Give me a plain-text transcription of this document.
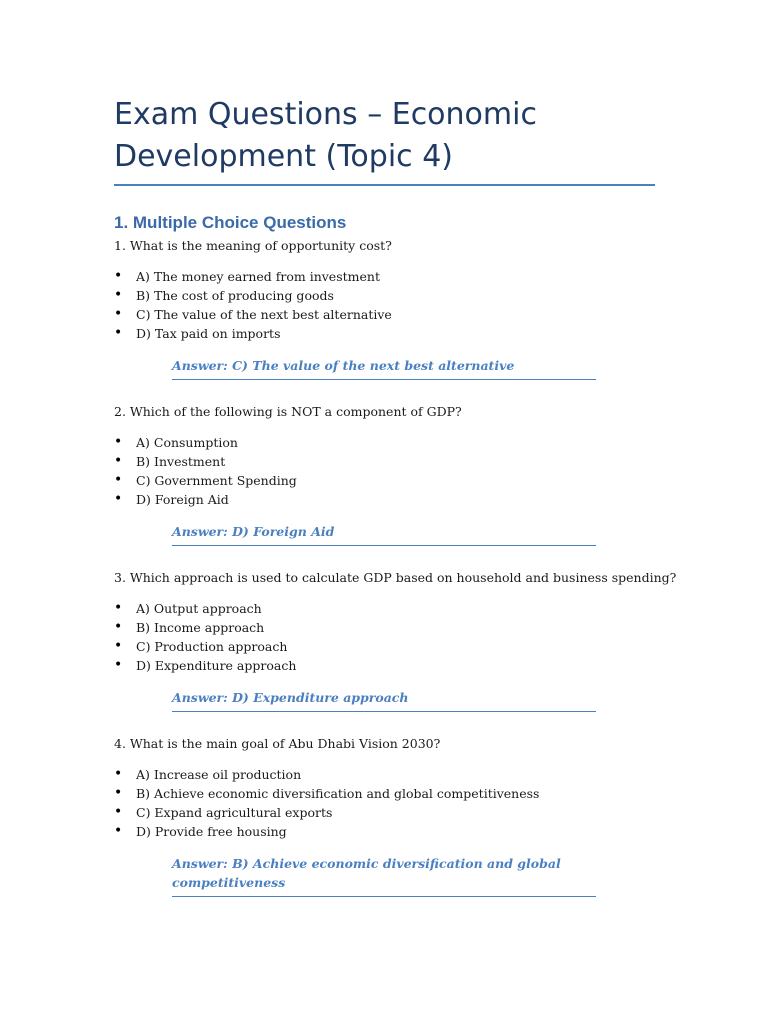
Exam Questions – Economic Development (Topic 4)
1. Multiple Choice Questions

1. What is the meaning of opportunity cost?

• A) The money earned from investment
• B) The cost of producing goods
• C) The value of the next best alternative
• D) Tax paid on imports
Answer: C) The value of the next best alternative

2. Which of the following is NOT a component of GDP?

• A) Consumption
• B) Investment
• C) Government Spending
• D) Foreign Aid
Answer: D) Foreign Aid

3. Which approach is used to calculate GDP based on household and business spending?

• A) Output approach
• B) Income approach
• C) Production approach
• D) Expenditure approach
Answer: D) Expenditure approach

4. What is the main goal of Abu Dhabi Vision 2030?

• A) Increase oil production
• B) Achieve economic diversification and global competitiveness
• C) Expand agricultural exports
• D) Provide free housing
Answer: B) Achieve economic diversification and global competitiveness
